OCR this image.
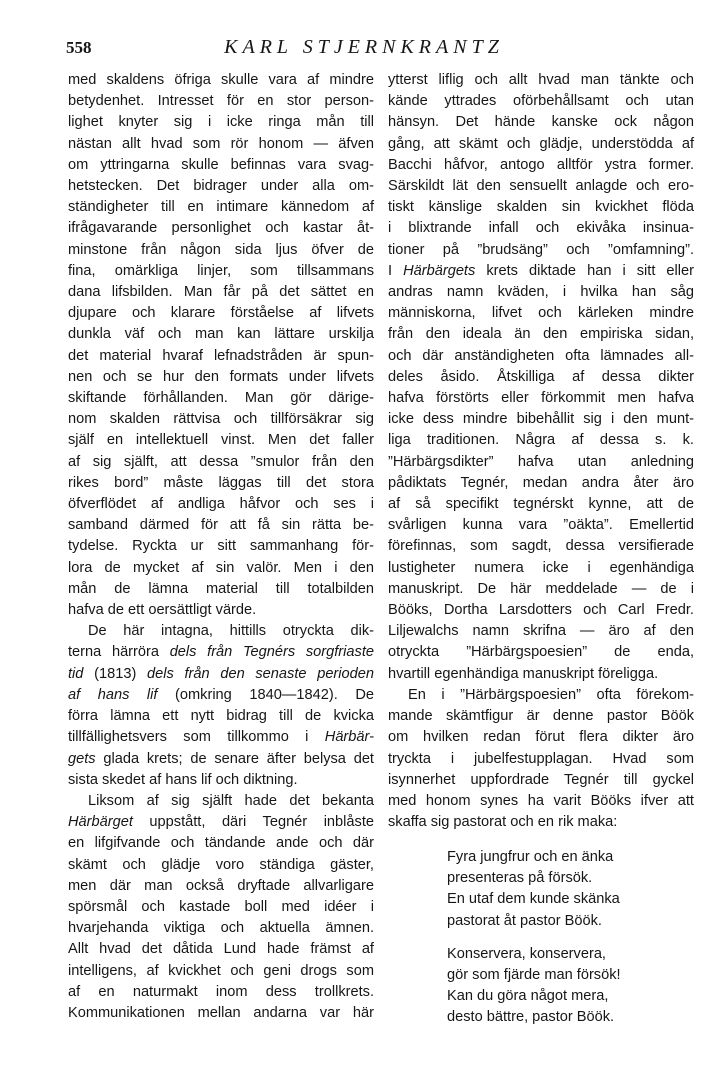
558	KARL STJERNKRANTZ
med skaldens öfriga skulle vara af mindre
betydenhet. Intresset för en stor person-
lighet knyter sig i icke ringa mån till
nästan allt hvad som rör honom — äfven
om yttringarna skulle befinnas vara svag-
hetstecken. Det bidrager under alla om-
ständigheter till en intimare kännedom af
ifrågavarande personlighet och kastar åt-
minstone från någon sida ljus öfver de
fina, omärkliga linjer, som tillsammans
dana lifsbilden. Man får på det sättet en
djupare och klarare förståelse af lifvets
dunkla väf och man kan lättare urskilja
det material hvaraf lefnadstråden är spun-
nen och se hur den formats under lifvets
skiftande förhållanden. Man gör därige-
nom skalden rättvisa och tillförsäkrar sig
själf en intellektuell vinst. Men det faller
af sig själft, att dessa ”smulor från den
rikes bord” måste läggas till det stora
öfverflödet af andliga håfvor och ses i
samband därmed för att få sin rätta be-
tydelse. Ryckta ur sitt sammanhang för-
lora de mycket af sin valör. Men i den
mån de lämna material till totalbilden
hafva de ett oersättligt värde.
De här intagna, hittills otryckta dik-
terna härröra dels från Tegnérs sorgfriaste
tid (1813) dels från den senaste perioden
af hans lif (omkring 1840—1842). De
förra lämna ett nytt bidrag till de kvicka
tillfällighetsvers som tillkommo i Härbär-
gets glada krets; de senare äfter belysa det
sista skedet af hans lif och diktning.
Liksom af sig själft hade det bekanta
Härbärget uppstått, däri Tegnér inblåste
en lifgifvande och tändande ande och där
skämt och glädje voro ständiga gäster,
men där man också dryftade allvarligare
spörsmål och kastade boll med idéer i
hvarjehanda viktiga och aktuella ämnen.
Allt hvad det dåtida Lund hade främst af
intelligens, af kvickhet och geni drogs som
af en naturmakt inom dess trollkrets.
Kommunikationen mellan andarna var här
ytterst liflig och allt hvad man tänkte och
kände yttrades oförbehållsamt och utan
hänsyn. Det hände kanske ock någon
gång, att skämt och glädje, understödda af
Bacchi håfvor, antogo alltför ystra former.
Särskildt lät den sensuellt anlagde och ero-
tiskt känslige skalden sin kvickhet flöda
i blixtrande infall och ekivåka insinua-
tioner på ”brudsäng” och ”omfamning”.
I Härbärgets krets diktade han i sitt eller
andras namn kväden, i hvilka han såg
människorna, lifvet och kärleken mindre
från den ideala än den empiriska sidan,
och där anständigheten ofta lämnades all-
deles åsido. Åtskilliga af dessa dikter
hafva förstörts eller förkommit men hafva
icke dess mindre bibehållit sig i den munt-
liga traditionen. Några af dessa s. k.
”Härbärgsdikter” hafva utan anledning
pådiktats Tegnér, medan andra åter äro
af så specifikt tegnérskt kynne, att de
svårligen kunna vara ”oäkta”. Emellertid
förefinnas, som sagdt, dessa versifierade
lustigheter numera icke i egenhändiga
manuskript. De här meddelade — de i
Bööks, Dortha Larsdotters och Carl Fredr.
Liljewalchs namn skrifna — äro af den
otryckta ”Härbärgspoesien” de enda,
hvartill egenhändiga manuskript föreligga.
En i ”Härbärgspoesien” ofta förekom-
mande skämtfigur är denne pastor Böök
om hvilken redan förut flera dikter äro
tryckta i jubelfestupplagan. Hvad som
isynnerhet uppfordrade Tegnér till gyckel
med honom synes ha varit Bööks ifver att
skaffa sig pastorat och en rik maka:
Fyra jungfrur och en änka
presenteras på försök.
En utaf dem kunde skänka
pastorat åt pastor Böök.
Konservera, konservera,
gör som fjärde man försök!
Kan du göra något mera,
desto bättre, pastor Böök.
